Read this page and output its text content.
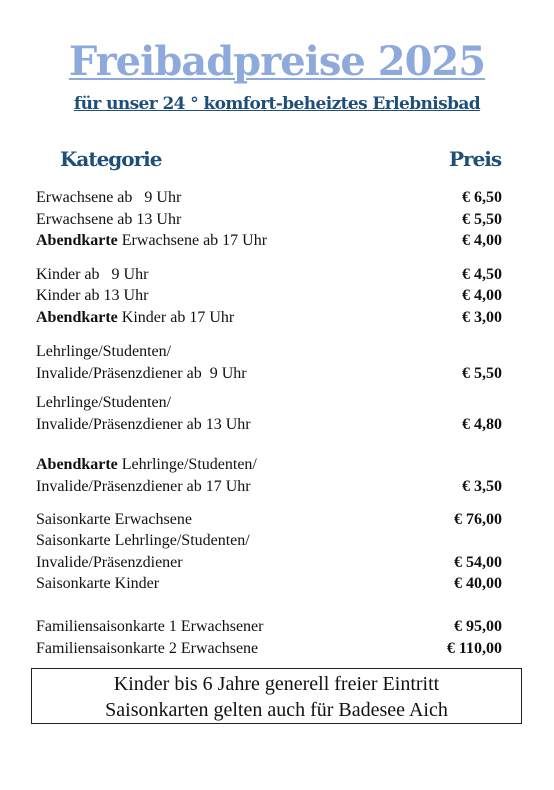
Freibadpreise 2025
für unser 24 ° komfort-beheiztes Erlebnisbad
Kategorie	Preis
Erwachsene ab   9 Uhr	€ 6,50
Erwachsene ab 13 Uhr	€ 5,50
Abendkarte Erwachsene ab 17 Uhr	€ 4,00
Kinder ab   9 Uhr	€ 4,50
Kinder ab 13 Uhr	€ 4,00
Abendkarte Kinder ab 17 Uhr	€ 3,00
Lehrlinge/Studenten/
Invalide/Präsenzdiener ab  9 Uhr	€ 5,50
Lehrlinge/Studenten/
Invalide/Präsenzdiener ab 13 Uhr	€ 4,80
Abendkarte Lehrlinge/Studenten/
Invalide/Präsenzdiener ab 17 Uhr	€ 3,50
Saisonkarte Erwachsene	€ 76,00
Saisonkarte Lehrlinge/Studenten/
Invalide/Präsenzdiener	€ 54,00
Saisonkarte Kinder	€ 40,00
Familiensaisonkarte 1 Erwachsener	€ 95,00
Familiensaisonkarte 2 Erwachsene	€ 110,00
Kinder bis 6 Jahre generell freier Eintritt
Saisonkarten gelten auch für Badesee Aich
